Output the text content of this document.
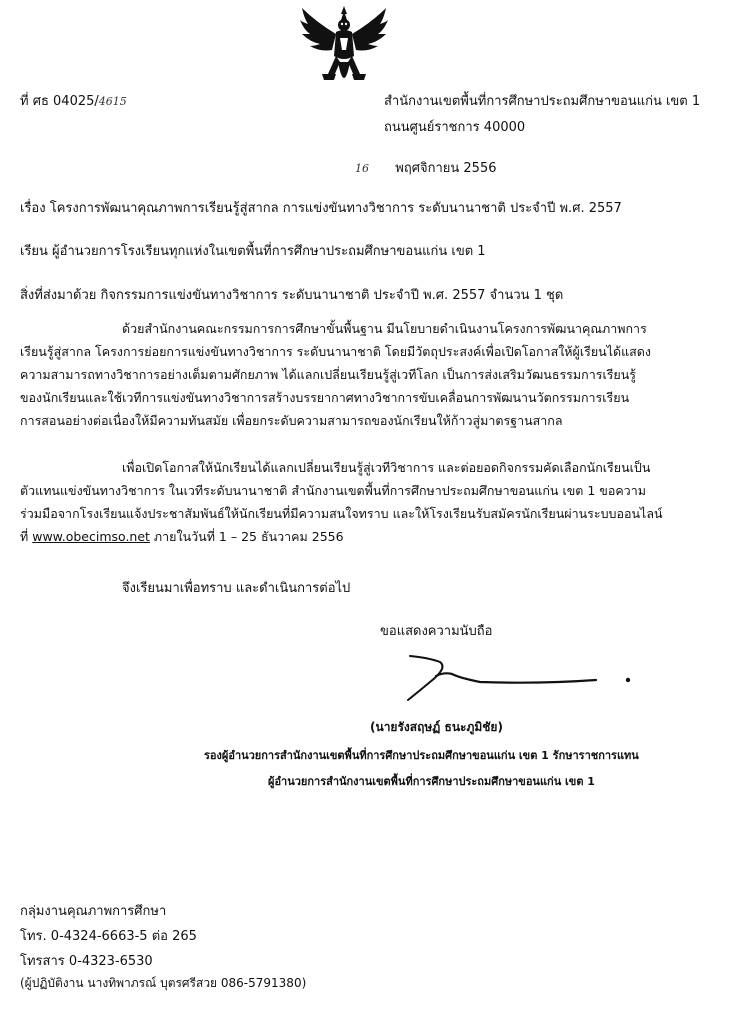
ที่ ศธ 04025/4615	สำนักงานเขตพื้นที่การศึกษาประถมศึกษาขอนแก่น เขต 1
ถนนศูนย์ราชการ 40000
16 พฤศจิกายน 2556
เรื่อง โครงการพัฒนาคุณภาพการเรียนรู้สู่สากล การแข่งขันทางวิชาการ ระดับนานาชาติ ประจำปี พ.ศ. 2557
เรียน ผู้อำนวยการโรงเรียนทุกแห่งในเขตพื้นที่การศึกษาประถมศึกษาขอนแก่น เขต 1
สิ่งที่ส่งมาด้วย กิจกรรมการแข่งขันทางวิชาการ ระดับนานาชาติ ประจำปี พ.ศ. 2557 จำนวน 1 ชุด

ด้วยสำนักงานคณะกรรมการการศึกษาขั้นพื้นฐาน มีนโยบายดำเนินงานโครงการพัฒนาคุณภาพการ

เรียนรู้สู่สากล โครงการย่อยการแข่งขันทางวิชาการ ระดับนานาชาติ โดยมีวัตถุประสงค์เพื่อเปิดโอกาสให้ผู้เรียนได้แสดง

ความสามารถทางวิชาการอย่างเต็มตามศักยภาพ ได้แลกเปลี่ยนเรียนรู้สู่เวทีโลก เป็นการส่งเสริมวัฒนธรรมการเรียนรู้

ของนักเรียนและใช้เวทีการแข่งขันทางวิชาการสร้างบรรยากาศทางวิชาการขับเคลื่อนการพัฒนานวัตกรรมการเรียน

การสอนอย่างต่อเนื่องให้มีความทันสมัย เพื่อยกระดับความสามารถของนักเรียนให้ก้าวสู่มาตรฐานสากล

เพื่อเปิดโอกาสให้นักเรียนได้แลกเปลี่ยนเรียนรู้สู่เวทีวิชาการ และต่อยอดกิจกรรมคัดเลือกนักเรียนเป็น

ตัวแทนแข่งขันทางวิชาการ ในเวทีระดับนานาชาติ สำนักงานเขตพื้นที่การศึกษาประถมศึกษาขอนแก่น เขต 1 ขอความ

ร่วมมือจากโรงเรียนแจ้งประชาสัมพันธ์ให้นักเรียนที่มีความสนใจทราบ และให้โรงเรียนรับสมัครนักเรียนผ่านระบบออนไลน์

ที่ www.obecimso.net ภายในวันที่ 1 – 25 ธันวาคม 2556

จึงเรียนมาเพื่อทราบ และดำเนินการต่อไป
ขอแสดงความนับถือ
(นายรังสฤษฏ์ ธนะภูมิชัย)
รองผู้อำนวยการสำนักงานเขตพื้นที่การศึกษาประถมศึกษาขอนแก่น เขต 1 รักษาราชการแทน
ผู้อำนวยการสำนักงานเขตพื้นที่การศึกษาประถมศึกษาขอนแก่น เขต 1
กลุ่มงานคุณภาพการศึกษา
โทร. 0-4324-6663-5 ต่อ 265
โทรสาร 0-4323-6530
(ผู้ปฏิบัติงาน นางทิพาภรณ์ บุตรศรีสวย 086-5791380)
